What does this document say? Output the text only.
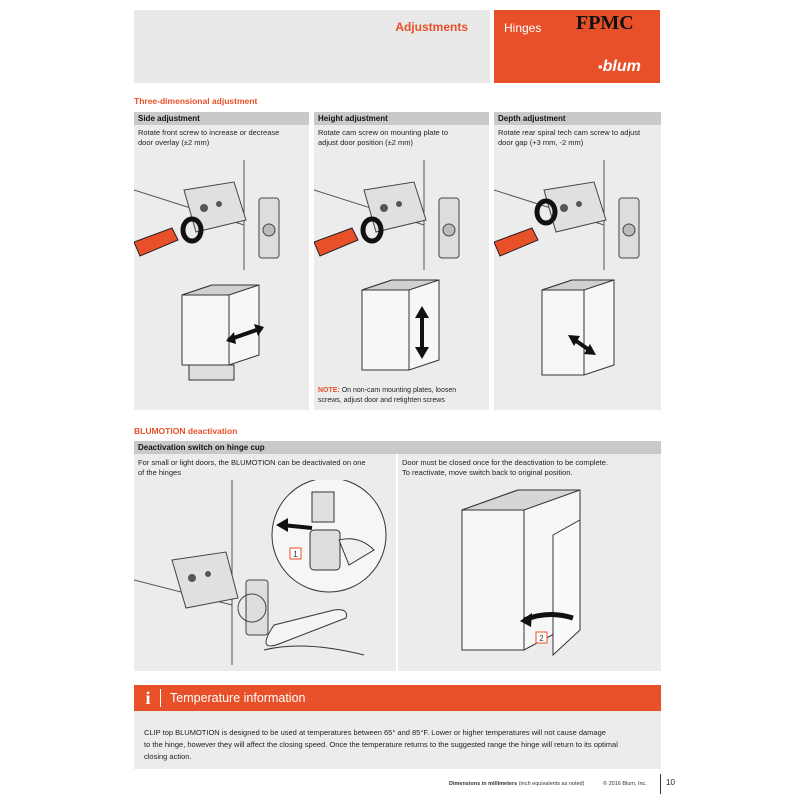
Adjustments	Hinges FPMC
▪blum
Three-dimensional adjustment
Side adjustment
Rotate front screw to increase or decrease
door overlay (±2 mm)
Height adjustment
Rotate cam screw on mounting plate to
adjust door position (±2 mm)
NOTE: On non-cam mounting plates, loosen
screws, adjust door and retighten screws
Depth adjustment
Rotate rear spiral tech cam screw to adjust
door gap (+3 mm, -2 mm)
BLUMOTION deactivation
Deactivation switch on hinge cup
For small or light doors, the BLUMOTION can be deactivated on one
of the hinges
Door must be closed once for the deactivation to be complete.
To reactivate, move switch back to original position.
1
2
i	Temperature information
CLIP top BLUMOTION is designed to be used at temperatures between 65° and 85°F. Lower or higher temperatures will not cause damage
to the hinge, however they will affect the closing speed. Once the temperature returns to the suggested range the hinge will return to its optimal
closing action.
Dimensions in millimeters (inch equivalents as noted)	© 2016 Blum, Inc. 10
